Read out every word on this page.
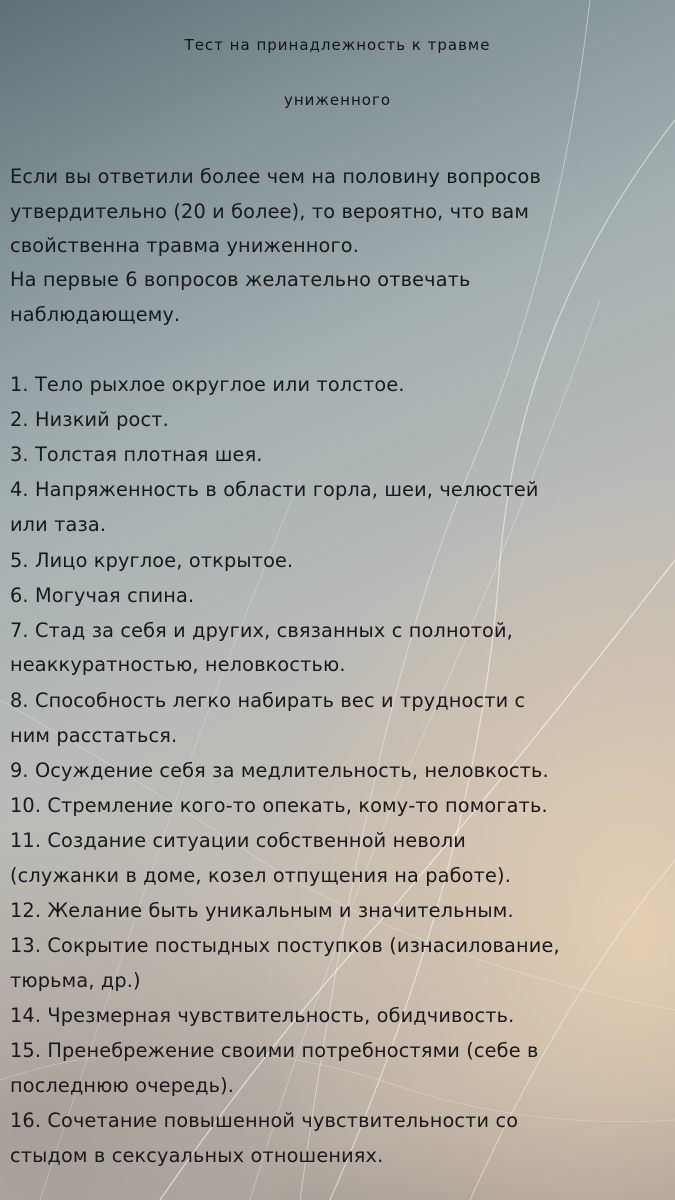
Тест на принадлежность к травме
униженного

Если вы ответили более чем на половину вопросов

утвердительно (20 и более), то вероятно, что вам

свойственна травма униженного.

На первые 6 вопросов желательно отвечать

наблюдающему.

1. Тело рыхлое округлое или толстое.

2. Низкий рост.

3. Толстая плотная шея.

4. Напряженность в области горла, шеи, челюстей

или таза.

5. Лицо круглое, открытое.

6. Могучая спина.

7. Стад за себя и других, связанных с полнотой,

неаккуратностью, неловкостью.

8. Способность легко набирать вес и трудности с

ним расстаться.

9. Осуждение себя за медлительность, неловкость.

10. Стремление кого-то опекать, кому-то помогать.

11. Создание ситуации собственной неволи

(служанки в доме, козел отпущения на работе).

12. Желание быть уникальным и значительным.

13. Сокрытие постыдных поступков (изнасилование,

тюрьма, др.)

14. Чрезмерная чувствительность, обидчивость.

15. Пренебрежение своими потребностями (себе в

последнюю очередь).

16. Сочетание повышенной чувствительности со

стыдом в сексуальных отношениях.
